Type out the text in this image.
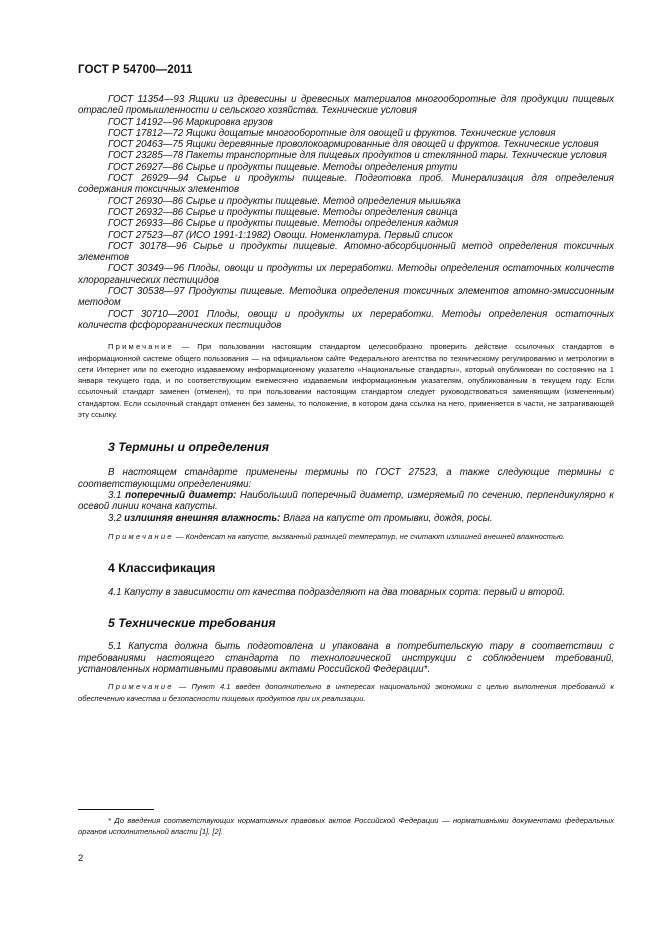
ГОСТ Р 54700—2011

ГОСТ 11354—93 Ящики из древесины и древесных материалов многооборотные для продукции пищевых отраслей промышленности и сельского хозяйства. Технические условия

ГОСТ 14192—96 Маркировка грузов

ГОСТ 17812—72 Ящики дощатые многооборотные для овощей и фруктов. Технические условия

ГОСТ 20463—75 Ящики деревянные проволокоармированные для овощей и фруктов. Технические условия

ГОСТ 23285—78 Пакеты транспортные для пищевых продуктов и стеклянной тары. Технические условия

ГОСТ 26927—86 Сырье и продукты пищевые. Методы определения ртути

ГОСТ 26929—94 Сырье и продукты пищевые. Подготовка проб. Минерализация для определения содержания токсичных элементов

ГОСТ 26930—86 Сырье и продукты пищевые. Метод определения мышьяка

ГОСТ 26932—86 Сырье и продукты пищевые. Методы определения свинца

ГОСТ 26933—86 Сырье и продукты пищевые. Методы определения кадмия

ГОСТ 27523—87 (ИСО 1991-1:1982) Овощи. Номенклатура. Первый список

ГОСТ 30178—96 Сырье и продукты пищевые. Атомно-абсорбционный метод определения токсичных элементов

ГОСТ 30349—96 Плоды, овощи и продукты их переработки. Методы определения остаточных количеств хлорорганических пестицидов

ГОСТ 30538—97 Продукты пищевые. Методика определения токсичных элементов атомно-эмиссионным методом

ГОСТ 30710—2001 Плоды, овощи и продукты их переработки. Методы определения остаточных количеств фсфорорганических пестицидов

Примечание — При пользовании настоящим стандартом целесообразно проверить действие ссылочных стандартов в информационной системе общего пользования — на официальном сайте Федерального агентства по техническому регулированию и метрологии в сети Интернет или по ежегодно издаваемому информационному указателю «Национальные стандарты», который опубликован по состоянию на 1 января текущего года, и по соответствующим ежемесячно издаваемым информационным указателям, опубликованным в текущем году. Если ссылочный стандарт заменен (отменен), то при пользовании настоящим стандартом следует руководствоваться заменяющим (измененным) стандартом. Если ссылочный стандарт отменен без замены, то положение, в котором дана ссылка на него, применяется в части, не затрагивающей эту ссылку.

3 Термины и определения

В настоящем стандарте применены термины по ГОСТ 27523, а также следующие термины с соответствующими определениями:

3.1 поперечный диаметр: Наибольший поперечный диаметр, измеряемый по сечению, перпендикулярно к осевой линии кочана капусты.

3.2 излишняя внешняя влажность: Влага на капусте от промывки, дождя, росы.

Примечание — Конденсат на капусте, вызванный разницей температур, не считают излишней внешней влажностью.

4 Классификация

4.1 Капусту в зависимости от качества подразделяют на два товарных сорта: первый и второй.

5 Технические требования

5.1 Капуста должна быть подготовлена и упакована в потребительскую тару в соответствии с требованиями настоящего стандарта по технологической инструкции с соблюдением требований, установленных нормативными правовыми актами Российской Федерации*.

Примечание — Пункт 4.1 введен дополнительно в интересах национальной экономики с целью выполнения требований к обеспечению качества и безопасности пищевых продуктов при их реализации.

* До введения соответствующих нормативных правовых актов Российской Федерации — нормативными документами федеральных органов исполнительной власти [1], [2].

2
